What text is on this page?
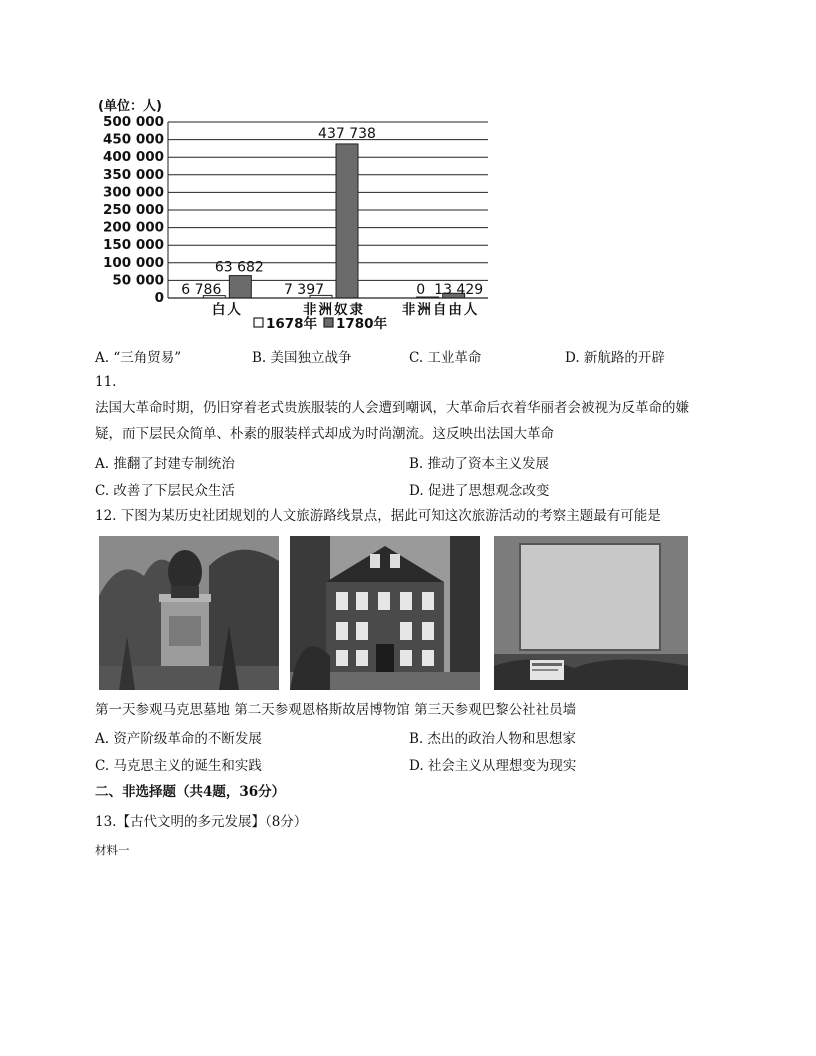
(单位：人)
0
50 000
100 000
150 000
200 000
250 000
300 000
350 000
400 000
450 000
500 000
6 786
63 682
白人
7 397
437 738
非洲奴隶
0 13 429
非洲自由人
1678年 1780年
A. “三角贸易”	B. 美国独立战争	C. 工业革命	D. 新航路的开辟
11.
法国大革命时期，仍旧穿着老式贵族服装的人会遭到嘲讽，大革命后衣着华丽者会被视为反革命的嫌
疑，而下层民众简单、朴素的服装样式却成为时尚潮流。这反映出法国大革命
A. 推翻了封建专制统治	B. 推动了资本主义发展
C. 改善了下层民众生活	D. 促进了思想观念改变
12. 下图为某历史社团规划的人文旅游路线景点，据此可知这次旅游活动的考察主题最有可能是
第一天参观马克思墓地 第二天参观恩格斯故居博物馆 第三天参观巴黎公社社员墙
A. 资产阶级革命的不断发展	B. 杰出的政治人物和思想家
C. 马克思主义的诞生和实践	D. 社会主义从理想变为现实
二、非选择题（共4题，36分）
13.【古代文明的多元发展】（8分）
材料一
